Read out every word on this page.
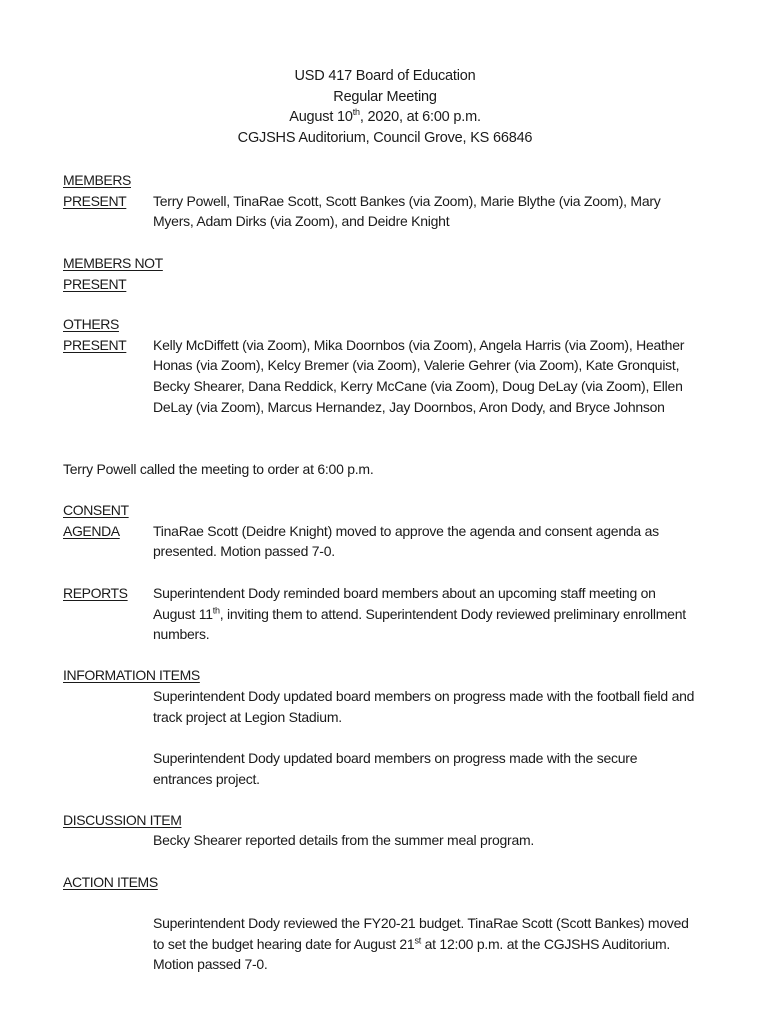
USD 417 Board of Education
Regular Meeting
August 10th, 2020, at 6:00 p.m.
CGJSHS Auditorium, Council Grove, KS 66846
MEMBERS
PRESENT	Terry Powell, TinaRae Scott, Scott Bankes (via Zoom), Marie Blythe (via Zoom), Mary Myers, Adam Dirks (via Zoom), and Deidre Knight
MEMBERS NOT
PRESENT
OTHERS
PRESENT	Kelly McDiffett (via Zoom), Mika Doornbos (via Zoom), Angela Harris (via Zoom), Heather Honas (via Zoom), Kelcy Bremer (via Zoom), Valerie Gehrer (via Zoom), Kate Gronquist, Becky Shearer, Dana Reddick, Kerry McCane (via Zoom), Doug DeLay (via Zoom), Ellen DeLay (via Zoom), Marcus Hernandez, Jay Doornbos, Aron Dody, and Bryce Johnson
Terry Powell called the meeting to order at 6:00 p.m.
CONSENT
AGENDA	TinaRae Scott (Deidre Knight) moved to approve the agenda and consent agenda as presented. Motion passed 7-0.
REPORTS	Superintendent Dody reminded board members about an upcoming staff meeting on August 11th, inviting them to attend. Superintendent Dody reviewed preliminary enrollment numbers.
INFORMATION ITEMS
Superintendent Dody updated board members on progress made with the football field and track project at Legion Stadium.
Superintendent Dody updated board members on progress made with the secure entrances project.
DISCUSSION ITEM
Becky Shearer reported details from the summer meal program.
ACTION ITEMS
Superintendent Dody reviewed the FY20-21 budget. TinaRae Scott (Scott Bankes) moved to set the budget hearing date for August 21st at 12:00 p.m. at the CGJSHS Auditorium. Motion passed 7-0.
